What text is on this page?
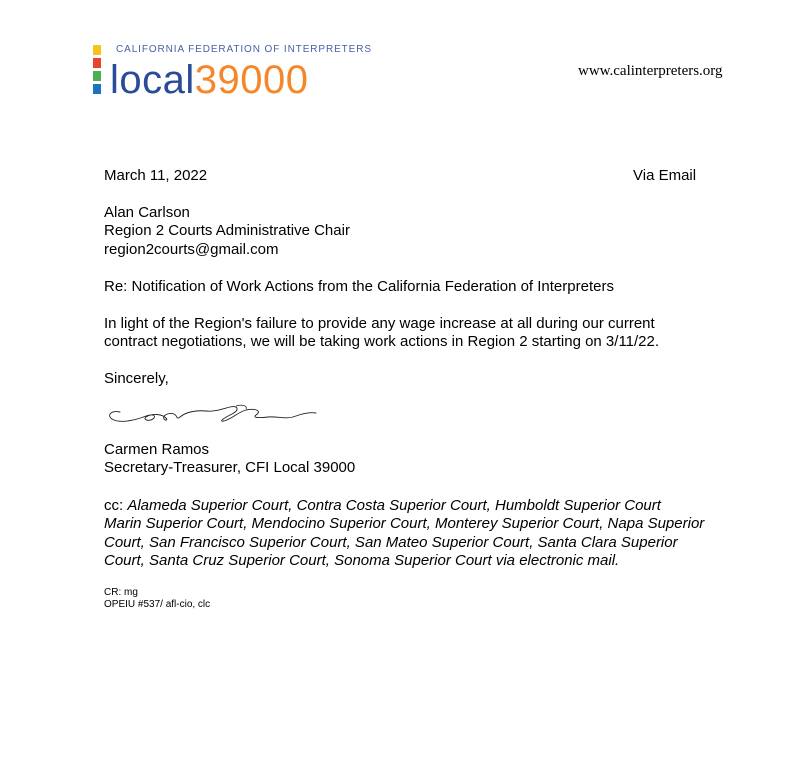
CALIFORNIA FEDERATION OF INTERPRETERS
local39000	www.calinterpreters.org
March 11, 2022	Via Email
Alan Carlson
Region 2 Courts Administrative Chair
region2courts@gmail.com
Re: Notification of Work Actions from the California Federation of Interpreters
In light of the Region's failure to provide any wage increase at all during our current
contract negotiations, we will be taking work actions in Region 2 starting on 3/11/22.
Sincerely,
Carmen Ramos
Secretary-Treasurer, CFI Local 39000
cc: Alameda Superior Court, Contra Costa Superior Court, Humboldt Superior Court
Marin Superior Court, Mendocino Superior Court, Monterey Superior Court, Napa Superior
Court, San Francisco Superior Court, San Mateo Superior Court, Santa Clara Superior
Court, Santa Cruz Superior Court, Sonoma Superior Court via electronic mail.
CR: mg
OPEIU #537/ afl-cio, clc
